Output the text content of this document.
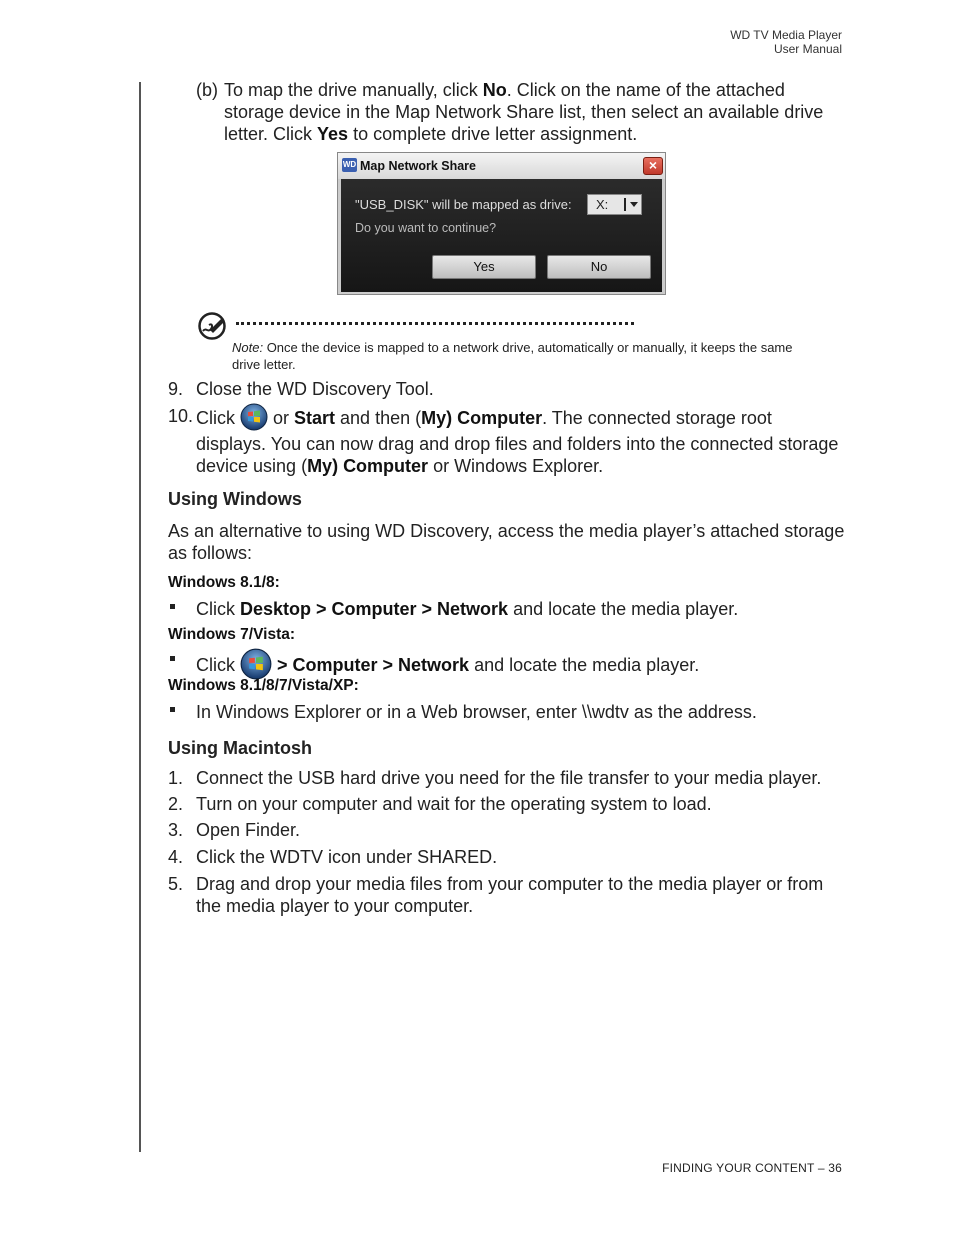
WD TV Media Player
User Manual
(b) To map the drive manually, click No. Click on the name of the attached
storage device in the Map Network Share list, then select an available drive
letter. Click Yes to complete drive letter assignment.
WD Map Network Share	×
"USB_DISK" will be mapped as drive: X:
Do you want to continue?
Yes	No
Note: Once the device is mapped to a network drive, automatically or manually, it keeps the same
drive letter.
9. Close the WD Discovery Tool.
10. Click  or Start and then (My) Computer. The connected storage root
displays. You can now drag and drop files and folders into the connected storage
device using (My) Computer or Windows Explorer.
Using Windows
As an alternative to using WD Discovery, access the media player’s attached storage
as follows:
Windows 8.1/8:
Click Desktop > Computer > Network and locate the media player.
Windows 7/Vista:
Click  > Computer > Network and locate the media player.
Windows 8.1/8/7/Vista/XP:
In Windows Explorer or in a Web browser, enter \\wdtv as the address.
Using Macintosh
1. Connect the USB hard drive you need for the file transfer to your media player.
2. Turn on your computer and wait for the operating system to load.
3. Open Finder.
4. Click the WDTV icon under SHARED.
5. Drag and drop your media files from your computer to the media player or from
the media player to your computer.
FINDING YOUR CONTENT – 36
